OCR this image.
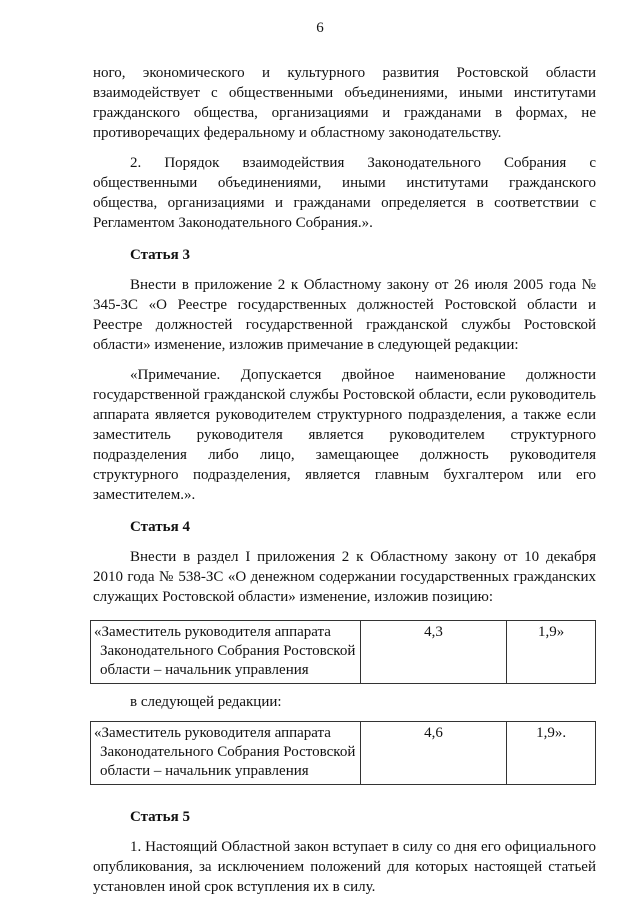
6

ного, экономического и культурного развития Ростовской области взаимодействует с общественными объединениями, иными институтами гражданского общества, организациями и гражданами в формах, не противоречащих федеральному и областному законодательству.

2. Порядок взаимодействия Законодательного Собрания с общественными объединениями, иными институтами гражданского общества, организациями и гражданами определяется в соответствии с Регламентом Законодательного Собрания.».

Статья 3

Внести в приложение 2 к Областному закону от 26 июля 2005 года № 345-ЗС «О Реестре государственных должностей Ростовской области и Реестре должностей государственной гражданской службы Ростовской области» изменение, изложив примечание в следующей редакции:

«Примечание. Допускается двойное наименование должности государственной гражданской службы Ростовской области, если руководитель аппарата является руководителем структурного подразделения, а также если заместитель руководителя является руководителем структурного подразделения либо лицо, замещающее должность руководителя структурного подразделения, является главным бухгалтером или его заместителем.».

Статья 4

Внести в раздел I приложения 2 к Областному закону от 10 декабря 2010 года № 538-ЗС «О денежном содержании государственных гражданских служащих Ростовской области» изменение, изложив позицию:

«Заместитель руководителя аппарата Законодательного Собрания Ростовской области – начальник управления
	4,3	1,9»

в следующей редакции:

«Заместитель руководителя аппарата Законодательного Собрания Ростовской области – начальник управления
	4,6	1,9».

Статья 5

1. Настоящий Областной закон вступает в силу со дня его официального опубликования, за исключением положений для которых настоящей статьей установлен иной срок вступления их в силу.
